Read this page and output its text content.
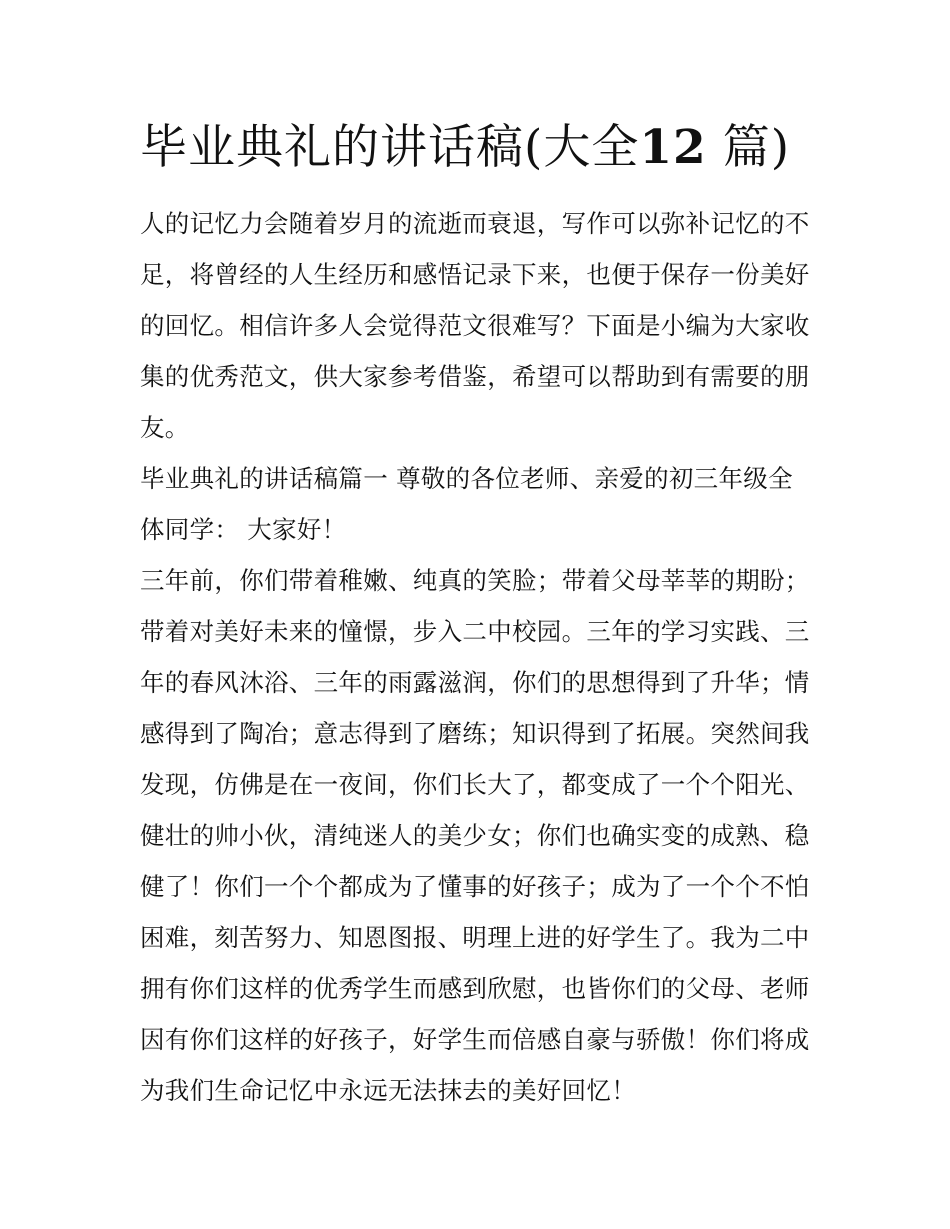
毕业典礼的讲话稿(大全12 篇)
人的记忆力会随着岁月的流逝而衰退，写作可以弥补记忆的不
足，将曾经的人生经历和感悟记录下来，也便于保存一份美好
的回忆。相信许多人会觉得范文很难写？下面是小编为大家收
集的优秀范文，供大家参考借鉴，希望可以帮助到有需要的朋
友。
毕业典礼的讲话稿篇一 尊敬的各位老师、亲爱的初三年级全
体同学： 大家好！
三年前，你们带着稚嫩、纯真的笑脸；带着父母莘莘的期盼；
带着对美好未来的憧憬，步入二中校园。三年的学习实践、三
年的春风沐浴、三年的雨露滋润，你们的思想得到了升华；情
感得到了陶冶；意志得到了磨练；知识得到了拓展。突然间我
发现，仿佛是在一夜间，你们长大了，都变成了一个个阳光、
健壮的帅小伙，清纯迷人的美少女；你们也确实变的成熟、稳
健了！你们一个个都成为了懂事的好孩子；成为了一个个不怕
困难，刻苦努力、知恩图报、明理上进的好学生了。我为二中
拥有你们这样的优秀学生而感到欣慰，也皆你们的父母、老师
因有你们这样的好孩子，好学生而倍感自豪与骄傲！你们将成
为我们生命记忆中永远无法抹去的美好回忆！
